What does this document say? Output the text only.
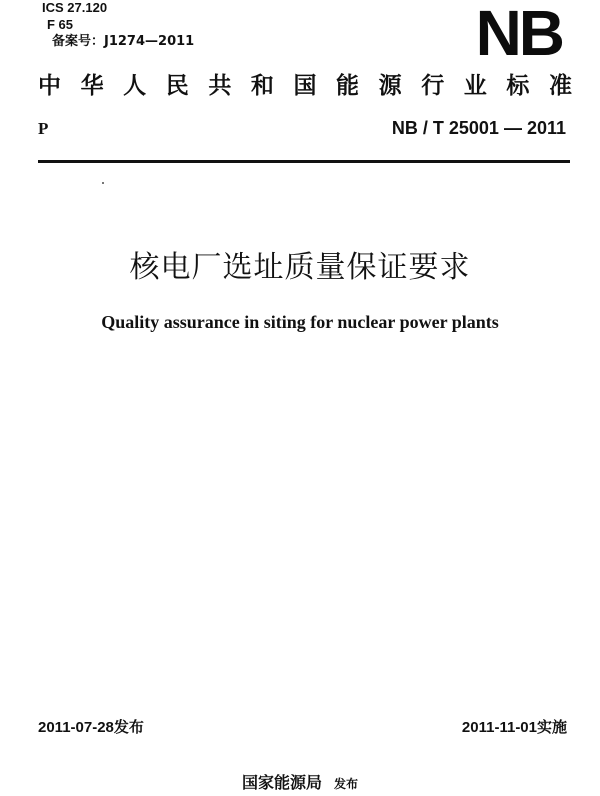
ICS 27.120
F 65
备案号：J1274—2011	NB
中 华 人 民 共 和 国 能 源 行 业 标 准
P	NB / T 25001 — 2011
核电厂选址质量保证要求
Quality assurance in siting for nuclear power plants
2011-07-28发布	2011-11-01实施
国家能源局 发布
